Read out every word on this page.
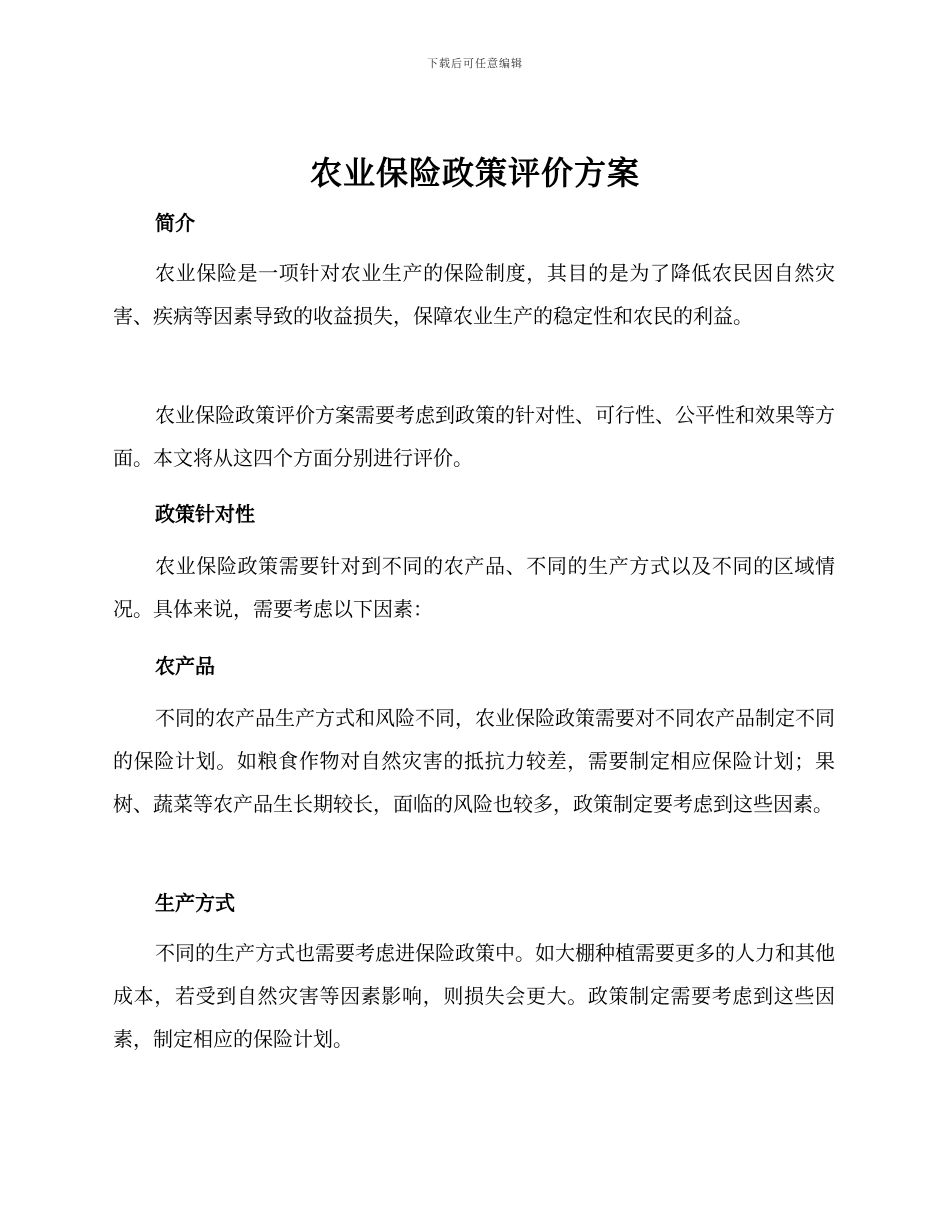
下载后可任意编辑
农业保险政策评价方案
简介
农业保险是一项针对农业生产的保险制度，其目的是为了降低农民因自然灾害、疾病等因素导致的收益损失，保障农业生产的稳定性和农民的利益。
农业保险政策评价方案需要考虑到政策的针对性、可行性、公平性和效果等方面。本文将从这四个方面分别进行评价。
政策针对性
农业保险政策需要针对到不同的农产品、不同的生产方式以及不同的区域情况。具体来说，需要考虑以下因素：
农产品
不同的农产品生产方式和风险不同，农业保险政策需要对不同农产品制定不同的保险计划。如粮食作物对自然灾害的抵抗力较差，需要制定相应保险计划；果树、蔬菜等农产品生长期较长，面临的风险也较多，政策制定要考虑到这些因素。
生产方式
不同的生产方式也需要考虑进保险政策中。如大棚种植需要更多的人力和其他成本，若受到自然灾害等因素影响，则损失会更大。政策制定需要考虑到这些因素，制定相应的保险计划。
